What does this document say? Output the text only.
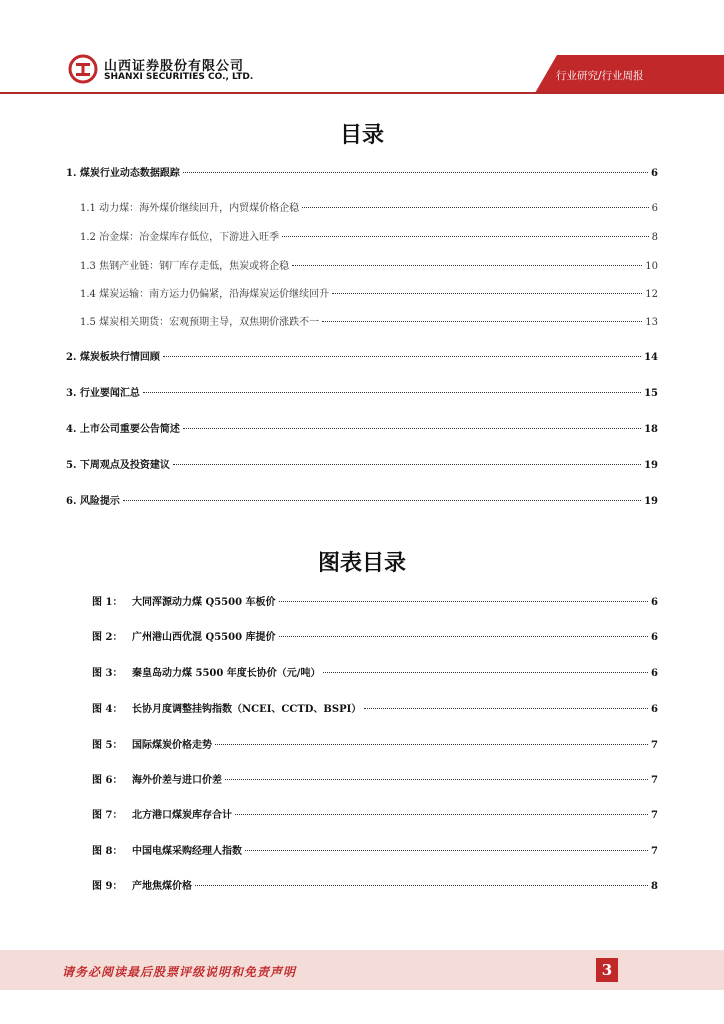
山西证券股份有限公司
SHANXI SECURITIES CO., LTD.	行业研究/行业周报
目录
1. 煤炭行业动态数据跟踪	6
1.1 动力煤：海外煤价继续回升，内贸煤价格企稳	6
1.2 冶金煤：冶金煤库存低位，下游进入旺季	8
1.3 焦钢产业链：钢厂库存走低，焦炭或将企稳	10
1.4 煤炭运输：南方运力仍偏紧，沿海煤炭运价继续回升	12
1.5 煤炭相关期货：宏观预期主导，双焦期价涨跌不一	13
2. 煤炭板块行情回顾	14
3. 行业要闻汇总	15
4. 上市公司重要公告简述	18
5. 下周观点及投资建议	19
6. 风险提示	19
图表目录
图 1： 大同浑源动力煤 Q5500 车板价	6
图 2： 广州港山西优混 Q5500 库提价	6
图 3： 秦皇岛动力煤 5500 年度长协价（元/吨）	6
图 4： 长协月度调整挂钩指数（NCEI、CCTD、BSPI）	6
图 5： 国际煤炭价格走势	7
图 6： 海外价差与进口价差	7
图 7： 北方港口煤炭库存合计	7
图 8： 中国电煤采购经理人指数	7
图 9： 产地焦煤价格	8
请务必阅读最后股票评级说明和免责声明	3
